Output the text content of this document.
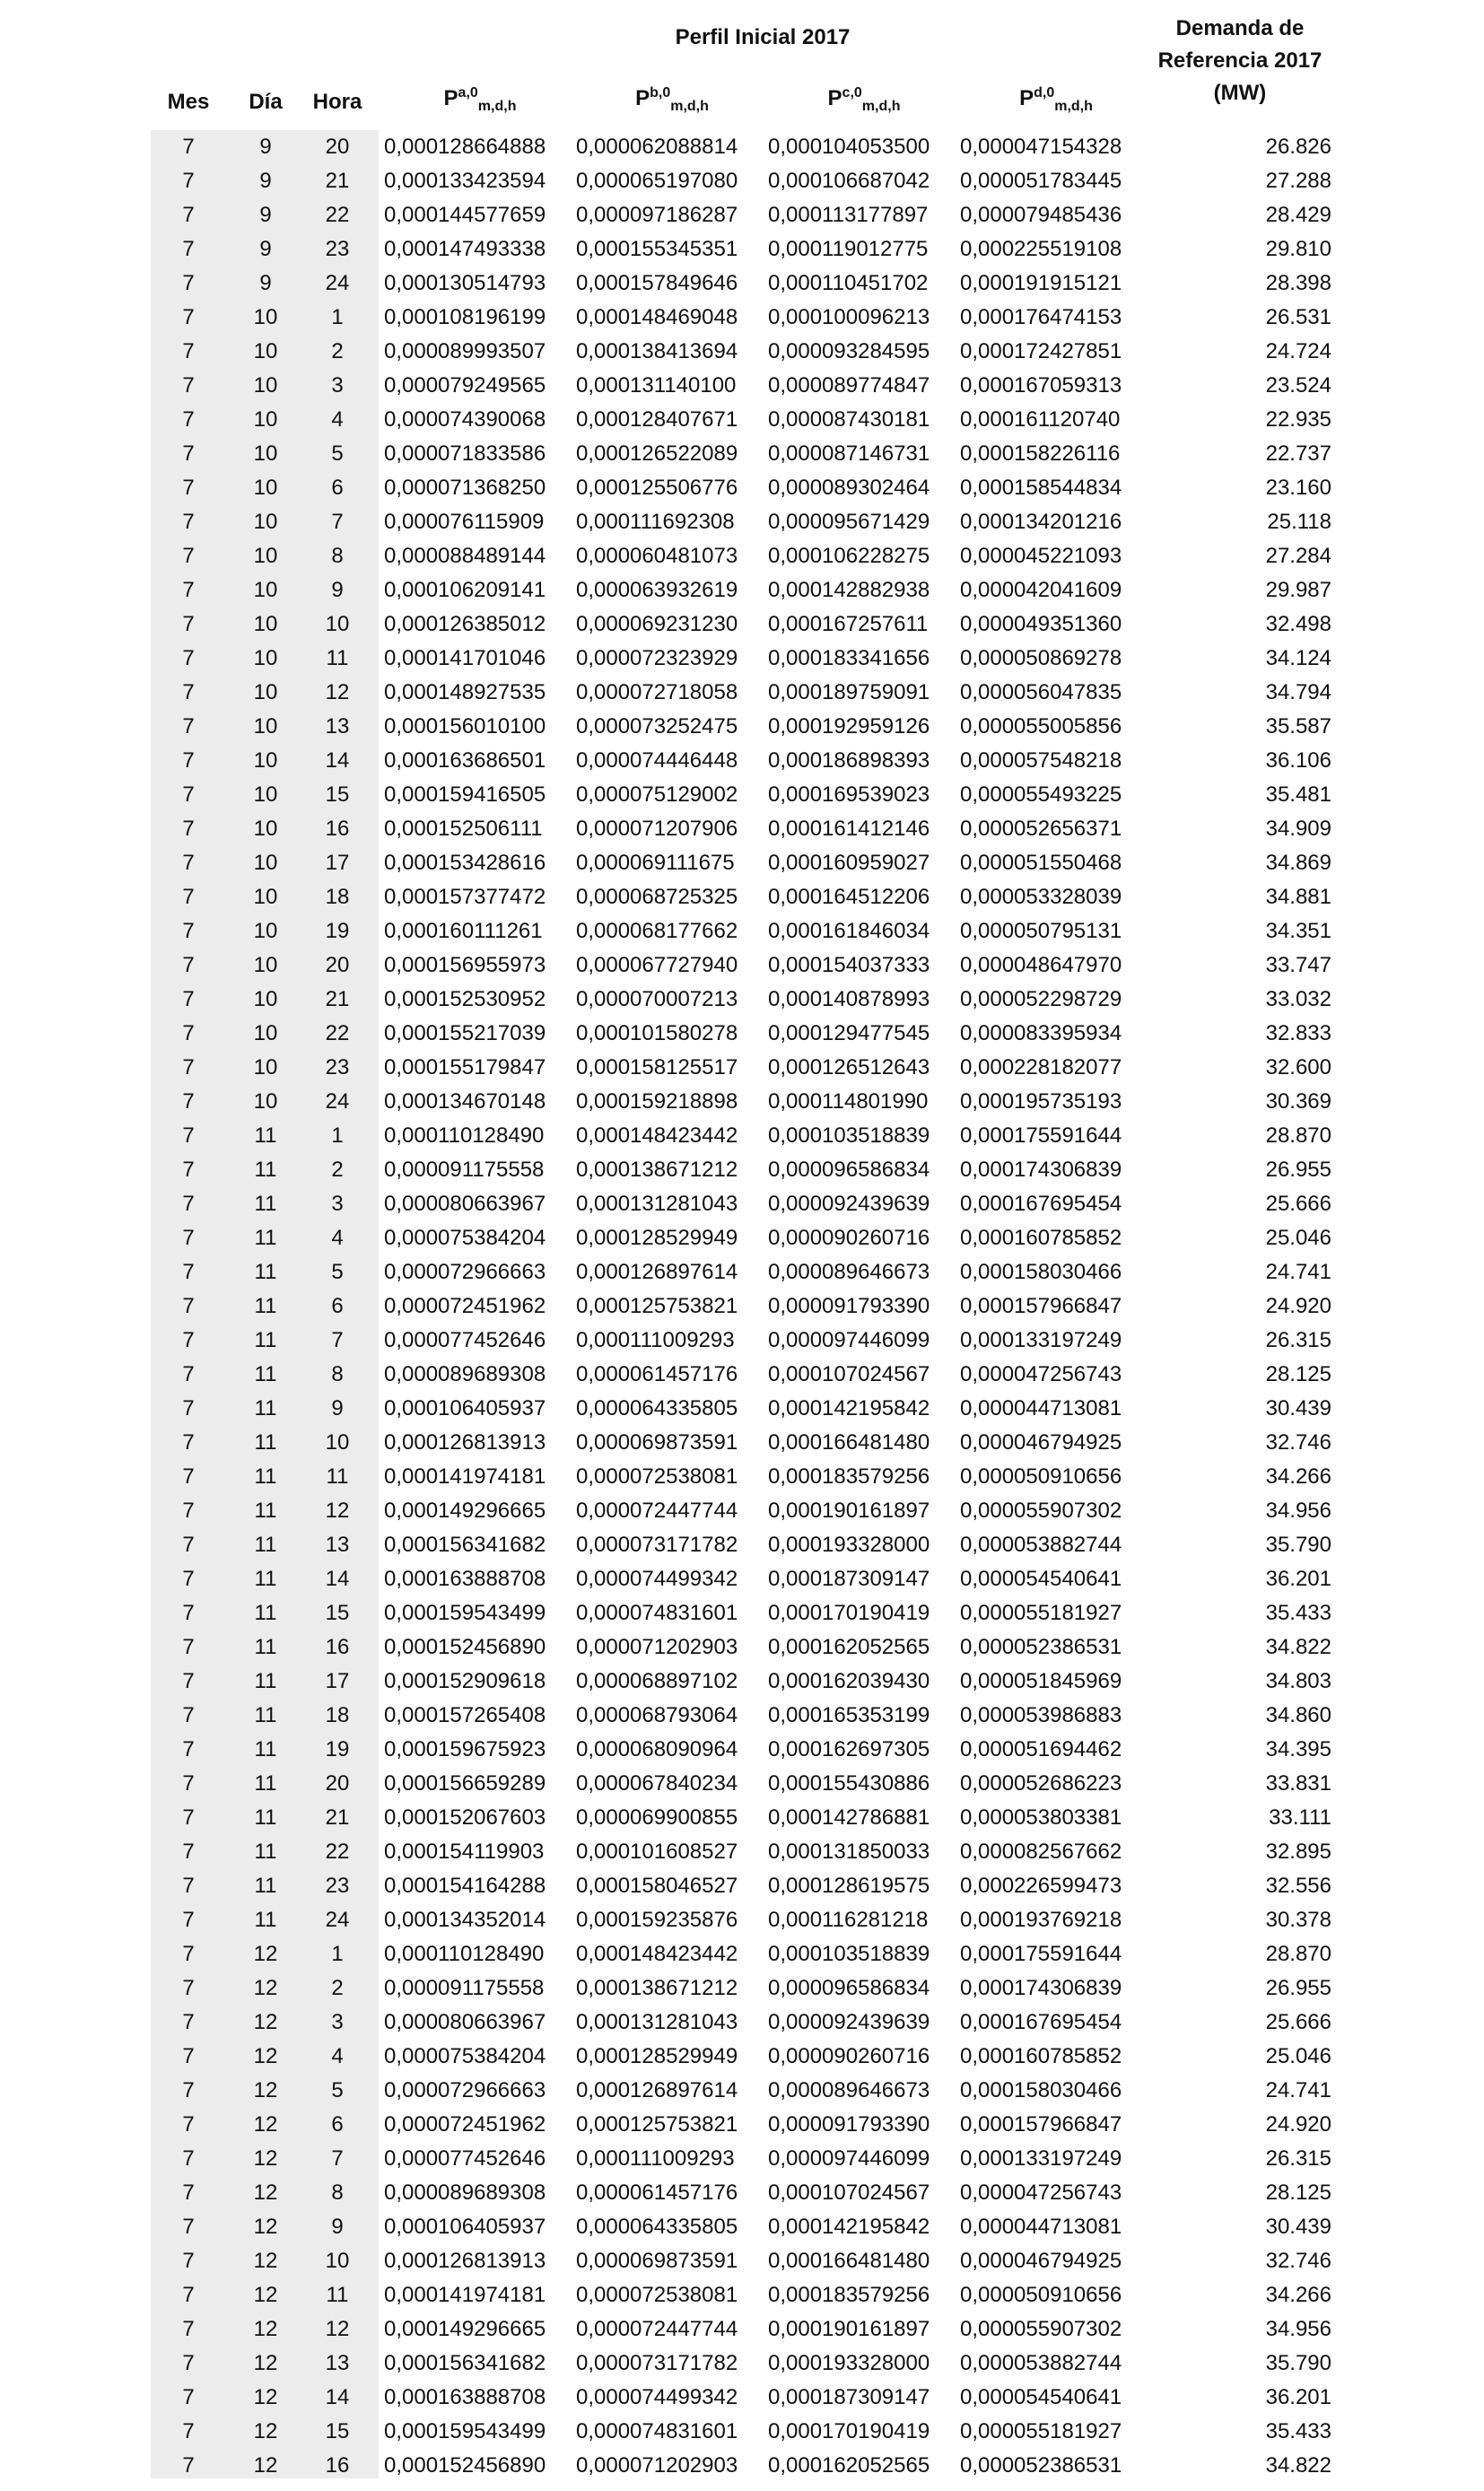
Perfil Inicial 2017	Demanda de Referencia 2017 (MW)
Mes	Día	Hora	P$^{a,0}_{m,d,h}$	P$^{b,0}_{m,d,h}$	P$^{c,0}_{m,d,h}$	P$^{d,0}_{m,d,h}$
7	9	20	0,000128664888	0,000062088814	0,000104053500	0,000047154328	26.826
7	9	21	0,000133423594	0,000065197080	0,000106687042	0,000051783445	27.288
7	9	22	0,000144577659	0,000097186287	0,000113177897	0,000079485436	28.429
7	9	23	0,000147493338	0,000155345351	0,000119012775	0,000225519108	29.810
7	9	24	0,000130514793	0,000157849646	0,000110451702	0,000191915121	28.398
7	10	1	0,000108196199	0,000148469048	0,000100096213	0,000176474153	26.531
7	10	2	0,000089993507	0,000138413694	0,000093284595	0,000172427851	24.724
7	10	3	0,000079249565	0,000131140100	0,000089774847	0,000167059313	23.524
7	10	4	0,000074390068	0,000128407671	0,000087430181	0,000161120740	22.935
7	10	5	0,000071833586	0,000126522089	0,000087146731	0,000158226116	22.737
7	10	6	0,000071368250	0,000125506776	0,000089302464	0,000158544834	23.160
7	10	7	0,000076115909	0,000111692308	0,000095671429	0,000134201216	25.118
7	10	8	0,000088489144	0,000060481073	0,000106228275	0,000045221093	27.284
7	10	9	0,000106209141	0,000063932619	0,000142882938	0,000042041609	29.987
7	10	10	0,000126385012	0,000069231230	0,000167257611	0,000049351360	32.498
7	10	11	0,000141701046	0,000072323929	0,000183341656	0,000050869278	34.124
7	10	12	0,000148927535	0,000072718058	0,000189759091	0,000056047835	34.794
7	10	13	0,000156010100	0,000073252475	0,000192959126	0,000055005856	35.587
7	10	14	0,000163686501	0,000074446448	0,000186898393	0,000057548218	36.106
7	10	15	0,000159416505	0,000075129002	0,000169539023	0,000055493225	35.481
7	10	16	0,000152506111	0,000071207906	0,000161412146	0,000052656371	34.909
7	10	17	0,000153428616	0,000069111675	0,000160959027	0,000051550468	34.869
7	10	18	0,000157377472	0,000068725325	0,000164512206	0,000053328039	34.881
7	10	19	0,000160111261	0,000068177662	0,000161846034	0,000050795131	34.351
7	10	20	0,000156955973	0,000067727940	0,000154037333	0,000048647970	33.747
7	10	21	0,000152530952	0,000070007213	0,000140878993	0,000052298729	33.032
7	10	22	0,000155217039	0,000101580278	0,000129477545	0,000083395934	32.833
7	10	23	0,000155179847	0,000158125517	0,000126512643	0,000228182077	32.600
7	10	24	0,000134670148	0,000159218898	0,000114801990	0,000195735193	30.369
7	11	1	0,000110128490	0,000148423442	0,000103518839	0,000175591644	28.870
7	11	2	0,000091175558	0,000138671212	0,000096586834	0,000174306839	26.955
7	11	3	0,000080663967	0,000131281043	0,000092439639	0,000167695454	25.666
7	11	4	0,000075384204	0,000128529949	0,000090260716	0,000160785852	25.046
7	11	5	0,000072966663	0,000126897614	0,000089646673	0,000158030466	24.741
7	11	6	0,000072451962	0,000125753821	0,000091793390	0,000157966847	24.920
7	11	7	0,000077452646	0,000111009293	0,000097446099	0,000133197249	26.315
7	11	8	0,000089689308	0,000061457176	0,000107024567	0,000047256743	28.125
7	11	9	0,000106405937	0,000064335805	0,000142195842	0,000044713081	30.439
7	11	10	0,000126813913	0,000069873591	0,000166481480	0,000046794925	32.746
7	11	11	0,000141974181	0,000072538081	0,000183579256	0,000050910656	34.266
7	11	12	0,000149296665	0,000072447744	0,000190161897	0,000055907302	34.956
7	11	13	0,000156341682	0,000073171782	0,000193328000	0,000053882744	35.790
7	11	14	0,000163888708	0,000074499342	0,000187309147	0,000054540641	36.201
7	11	15	0,000159543499	0,000074831601	0,000170190419	0,000055181927	35.433
7	11	16	0,000152456890	0,000071202903	0,000162052565	0,000052386531	34.822
7	11	17	0,000152909618	0,000068897102	0,000162039430	0,000051845969	34.803
7	11	18	0,000157265408	0,000068793064	0,000165353199	0,000053986883	34.860
7	11	19	0,000159675923	0,000068090964	0,000162697305	0,000051694462	34.395
7	11	20	0,000156659289	0,000067840234	0,000155430886	0,000052686223	33.831
7	11	21	0,000152067603	0,000069900855	0,000142786881	0,000053803381	33.111
7	11	22	0,000154119903	0,000101608527	0,000131850033	0,000082567662	32.895
7	11	23	0,000154164288	0,000158046527	0,000128619575	0,000226599473	32.556
7	11	24	0,000134352014	0,000159235876	0,000116281218	0,000193769218	30.378
7	12	1	0,000110128490	0,000148423442	0,000103518839	0,000175591644	28.870
7	12	2	0,000091175558	0,000138671212	0,000096586834	0,000174306839	26.955
7	12	3	0,000080663967	0,000131281043	0,000092439639	0,000167695454	25.666
7	12	4	0,000075384204	0,000128529949	0,000090260716	0,000160785852	25.046
7	12	5	0,000072966663	0,000126897614	0,000089646673	0,000158030466	24.741
7	12	6	0,000072451962	0,000125753821	0,000091793390	0,000157966847	24.920
7	12	7	0,000077452646	0,000111009293	0,000097446099	0,000133197249	26.315
7	12	8	0,000089689308	0,000061457176	0,000107024567	0,000047256743	28.125
7	12	9	0,000106405937	0,000064335805	0,000142195842	0,000044713081	30.439
7	12	10	0,000126813913	0,000069873591	0,000166481480	0,000046794925	32.746
7	12	11	0,000141974181	0,000072538081	0,000183579256	0,000050910656	34.266
7	12	12	0,000149296665	0,000072447744	0,000190161897	0,000055907302	34.956
7	12	13	0,000156341682	0,000073171782	0,000193328000	0,000053882744	35.790
7	12	14	0,000163888708	0,000074499342	0,000187309147	0,000054540641	36.201
7	12	15	0,000159543499	0,000074831601	0,000170190419	0,000055181927	35.433
7	12	16	0,000152456890	0,000071202903	0,000162052565	0,000052386531	34.822
